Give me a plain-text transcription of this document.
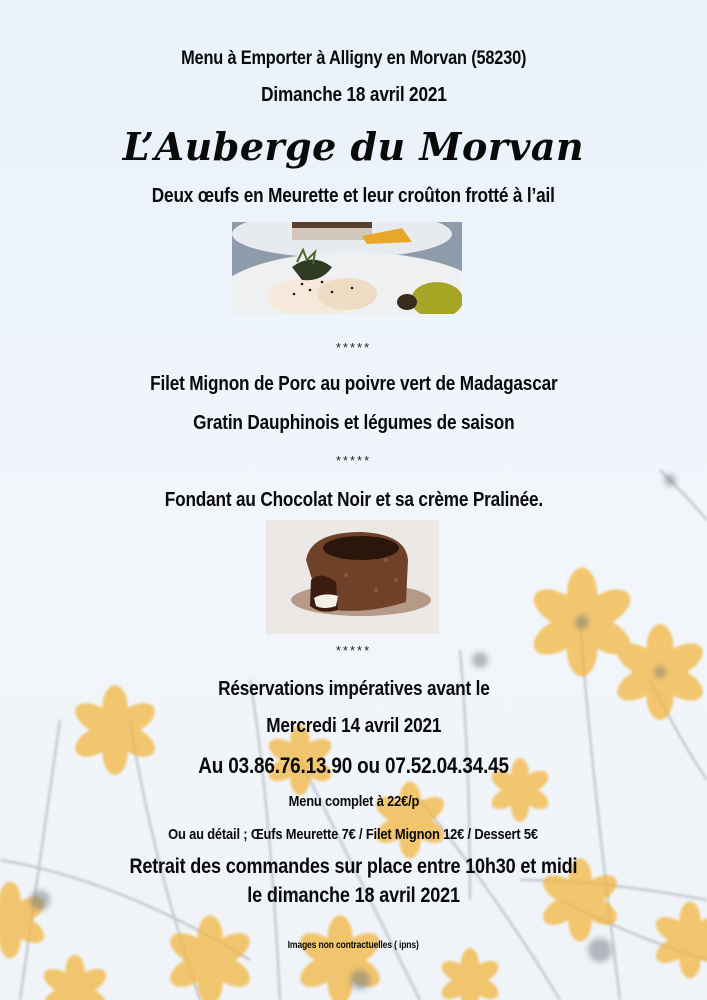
Menu à Emporter à Alligny en Morvan (58230)
Dimanche 18 avril 2021
L’Auberge du Morvan
Deux œufs en Meurette et leur croûton frotté à l’ail
*****
Filet Mignon de Porc au poivre vert de Madagascar
Gratin Dauphinois et légumes de saison
*****
Fondant au Chocolat Noir et sa crème Pralinée.
*****
Réservations impératives avant le
Mercredi 14 avril 2021
Au 03.86.76.13.90 ou 07.52.04.34.45
Menu complet à 22€/p
Ou au détail ; Œufs Meurette 7€ / Filet Mignon 12€ / Dessert 5€
Retrait des commandes sur place entre 10h30 et midi
le dimanche 18 avril 2021
Images non contractuelles ( ipns)
